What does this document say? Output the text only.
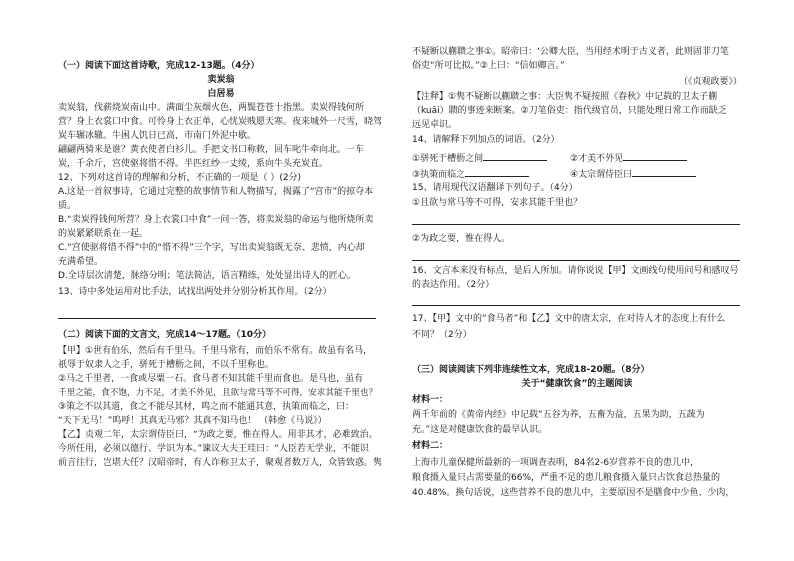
（一）阅读下面这首诗歌，完成12-13题。（4分）
卖炭翁
白居易
卖炭翁，伐薪烧炭南山中。满面尘灰烟火色，两鬓苍苍十指黑。卖炭得钱何所
营？身上衣裳口中食。可怜身上衣正单，心忧炭贱愿天寒。夜来城外一尺雪，晓驾
炭车辗冰辙。牛困人饥日已高，市南门外泥中歇。
翩翩两骑来是谁？黄衣使者白衫儿。手把文书口称敕，回车叱牛牵向北。一车
炭，千余斤，宫使驱将惜不得。半匹红纱一丈绫，系向牛头充炭直。
12、下列对这首诗的理解和分析，不正确的一项是（ ）(2分)
A.这是一首叙事诗，它通过完整的故事情节和人物描写，揭露了“宫市”的掠夺本
质。
B.“卖炭得钱何所营？身上衣裳口中食”一问一答，将卖炭翁的命运与他所烧所卖
的炭紧紧联系在一起。
C.“宫使驱将惜不得”中的“惜不得”三个字，写出卖炭翁既无奈、悲愤，内心却
充满希望。
D.全诗层次清楚，脉络分明；笔法简洁，语言精练，处处显出诗人的匠心。
13、诗中多处运用对比手法，试找出两处并分别分析其作用。（2分）
（二）阅读下面的文言文，完成14～17题。（10分）
【甲】①世有伯乐，然后有千里马。千里马常有，而伯乐不常有。故虽有名马，
祇辱于奴隶人之手，骈死于槽枥之间，不以千里称也。
②马之千里者，一食或尽粟一石。食马者不知其能千里而食也。是马也，虽有
千里之能，食不饱，力不足，才美不外见，且欲与常马等不可得，安求其能千里也？
③策之不以其道，食之不能尽其材，鸣之而不能通其意，执策而临之，曰：
“天下无马！”呜呼！其真无马邪？其真不知马也！ （韩愈《马说》）
【乙】贞观二年，太宗谓侍臣曰，“为政之要，惟在得人。用非其才，必难致治。
今所任用，必须以德行、学识为本。”谏议大夫王珪曰：“人臣若无学业，不能识
前言往行，岂堪大任？汉昭帝时，有人诈称卫太子，聚观者数万人，众皆致惑。隽
不疑断以蒯聩之事①。昭帝曰：‘公卿大臣，当用经术明于古义者，此则固非刀笔
俗吏“所可比拟。”②上曰：“信如卿言。”
（《贞观政要》）
【注释】①隽不疑断以蒯聩之事：大臣隽不疑按照《春秋》中记载的卫太子蒯
（kuǎi）聩的事迹来断案。②刀笔俗吏：指代级官员，只能处理日常工作而缺乏
远见卓识。
14、请解释下列加点的词语。（2分）
①骈死于槽枥之间	②才美不外见
③执策而临之	④太宗谓侍臣曰
15、请用现代汉语翻译下列句子。（4分）
①且欲与常马等不可得，安求其能千里也？
②为政之要，惟在得人。
16、文言本来没有标点，是后人所加。请你说说【甲】文画线句使用问号和感叹号
的表达作用。（2分）
17、【甲】文中的“食马者”和【乙】文中的唐太宗，在对待人才的态度上有什么
不同？（2分）
（三）阅读阅读下列非连续性文本，完成18-20题。（8分）
关于“健康饮食”的主题阅读
材料一：
两千年前的《黄帝内经》中记载“五谷为养，五畜为益，五果为助，五蔬为
充。”这是对健康饮食的最早认识。
材料二：
上海市儿童保健所最新的一项调查表明，84名2-6岁营养不良的患儿中，
粮食摄入量只占需要量的66%，严重不足的患儿粮食摄入量只占饮食总热量的
40.48%。换句话说，这些营养不良的患儿中，主要原因不是膳食中少鱼、少肉，
